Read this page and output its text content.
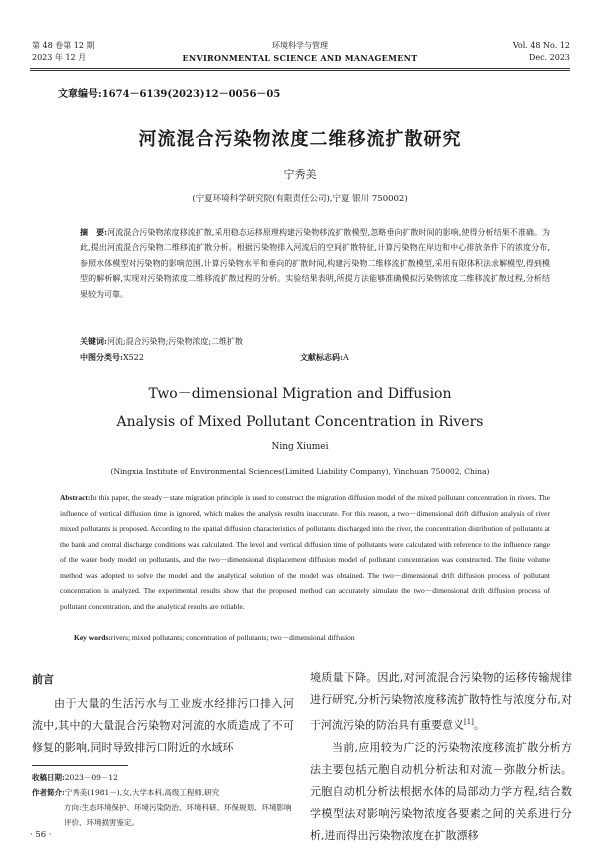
第 48 卷第 12 期
2023 年 12 月
环境科学与管理
ENVIRONMENTAL SCIENCE AND MANAGEMENT
Vol. 48 No. 12
Dec. 2023
文章编号:1674－6139(2023)12－0056－05
河流混合污染物浓度二维移流扩散研究
宁秀美
(宁夏环境科学研究院(有限责任公司),宁夏 银川 750002)
摘　要:河流混合污染物浓度移流扩散,采用稳态运移原理构建污染物移流扩散模型,忽略垂向扩散时间的影响,使得分析结果不准确。为此,提出河流混合污染物二维移流扩散分析。根据污染物排入河流后的空间扩散特征,计算污染物在岸边和中心排放条件下的浓度分布,参照水体模型对污染物的影响范围,计算污染物水平和垂向的扩散时间,构建污染物二维移流扩散模型,采用有限体积法求解模型,得到模型的解析解,实现对污染物浓度二维移流扩散过程的分析。实验结果表明,所提方法能够准确模拟污染物浓度二维移流扩散过程,分析结果较为可靠。
关键词:河流;混合污染物;污染物浓度;二维扩散
中图分类号:X522	文献标志码:A
Two－dimensional Migration and Diffusion
Analysis of Mixed Pollutant Concentration in Rivers
Ning Xiumei
(Ningxia Institute of Environmental Sciences(Limited Liability Company), Yinchuan 750002, China)
Abstract:In this paper, the steady－state migration principle is used to construct the migration diffusion model of the mixed pollutant concentration in rivers. The influence of vertical diffusion time is ignored, which makes the analysis results inaccurate. For this reason, a two－dimensional drift diffusion analysis of river mixed pollutants is proposed. According to the spatial diffusion characteristics of pollutants discharged into the river, the concentration distribution of pollutants at the bank and central discharge conditions was calculated. The level and vertical diffusion time of pollutants were calculated with reference to the influence range of the water body model on pollutants, and the two－dimensional displacement diffusion model of pollutant concentration was constructed. The finite volume method was adopted to solve the model and the analytical solution of the model was obtained. The two－dimensional drift diffusion process of pollutant concentration is analyzed. The experimental results show that the proposed method can accurately simulate the two－dimensional drift diffusion process of pollutant concentration, and the analytical results are reliable.
Key words:rivers; mixed pollutants; concentration of pollutants; two－dimensional diffusion
前言
由于大量的生活污水与工业废水经排污口排入河流中,其中的大量混合污染物对河流的水质造成了不可修复的影响,同时导致排污口附近的水域环
收稿日期:2023－09－12
作者简介:宁秀美(1981－),女,大学本科,高级工程师,研究
方向:生态环境保护、环境污染防治、环境科研、环保规划、环境影响评价、环境损害鉴定。
· 56 ·

境质量下降。因此,对河流混合污染物的运移传输规律进行研究,分析污染物浓度移流扩散特性与浓度分布,对于河流污染的防治具有重要意义[1]。

当前,应用较为广泛的污染物浓度移流扩散分析方法主要包括元胞自动机分析法和对流－弥散分析法。元胞自动机分析法根据水体的局部动力学方程,结合数学模型法对影响污染物浓度各要素之间的关系进行分析,进而得出污染物浓度在扩散漂移
